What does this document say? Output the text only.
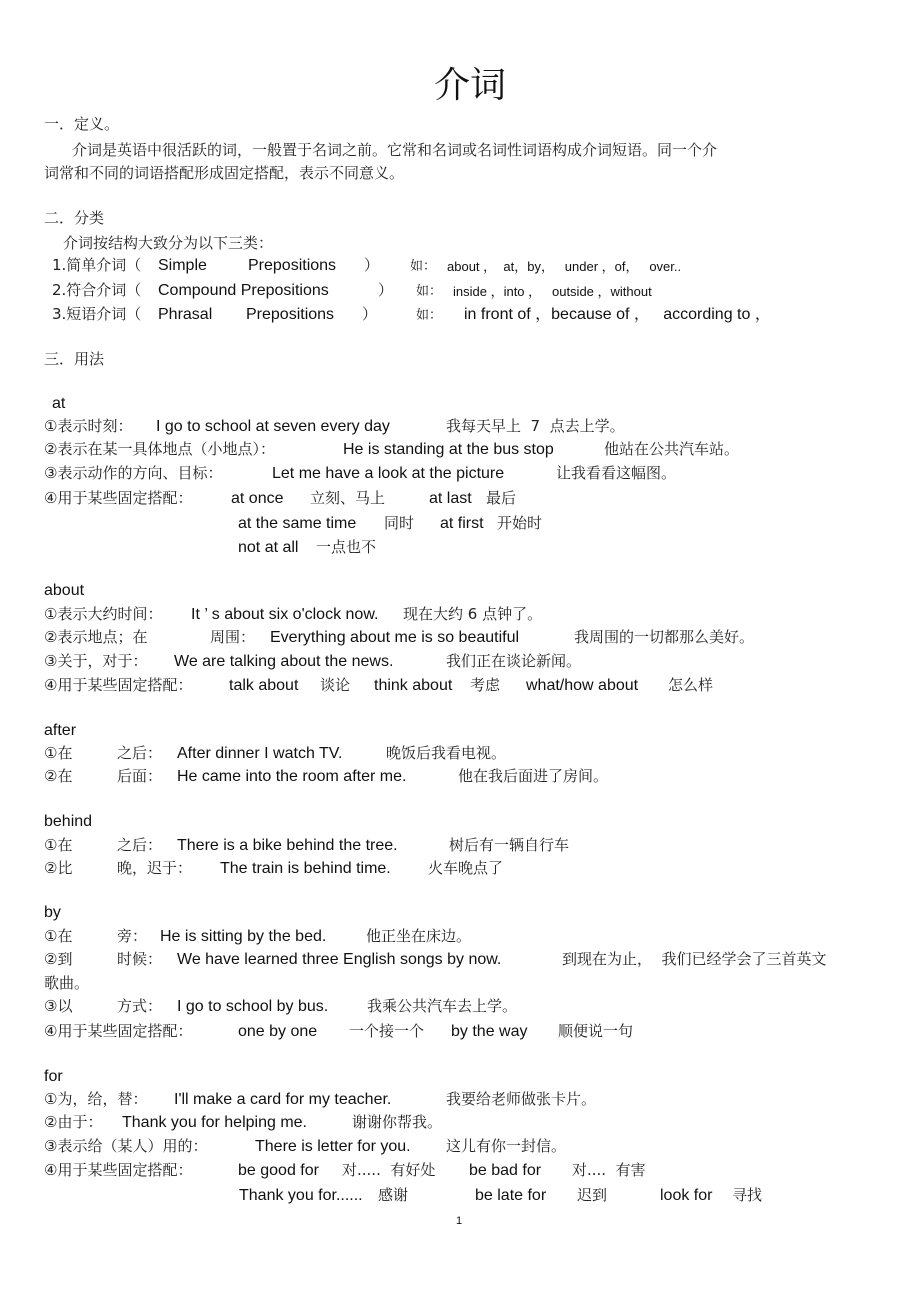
介词
一．定义。
介词是英语中很活跃的词，一般置于名词之前。它常和名词或名词性词语构成介词短语。同一个介
词常和不同的词语搭配形成固定搭配，表示不同意义。
二．分类
介词按结构大致分为以下三类：
1.简单介词（ Simple	Prepositions ） 如： about ，  at，by，   under ，of，   over..
2.符合介词（ Compound Prepositions	） 如： inside ，into ，   outside ，without
3.短语介词（ Phrasal Prepositions ）	如： in front of ，because of ，   according to ，
三．用法
at
①表示时刻： I go to school at seven every day	我每天早上  7  点去上学。
②表示在某一具体地点（小地点）：	He is standing at the bus stop	他站在公共汽车站。
③表示动作的方向、目标：	Let me have a look at the picture	让我看看这幅图。
④用于某些固定搭配： at once 立刻、马上	at last 最后
at the same time 同时 at first 开始时
not at all 一点也不
about
①表示大约时间： It ’ s about six o'clock now. 现在大约 6 点钟了。
②表示地点；在	周围： Everything about me is so beautiful	我周围的一切都那么美好。
③关于，对于： We are talking about the news.	我们正在谈论新闻。
④用于某些固定搭配： talk about 谈论 think about 考虑 what/how about 怎么样
after
①在	之后： After dinner I watch TV.	晚饭后我看电视。
②在	后面： He came into the room after me.	他在我后面进了房间。
behind
①在	之后： There is a bike behind the tree.	树后有一辆自行车
②比	晚，迟于： The train is behind time. 火车晚点了
by
①在	旁： He is sitting by the bed.	他正坐在床边。
②到	时候： We have learned three English songs by now.	到现在为止，  我们已经学会了三首英文
歌曲。
③以	方式： I go to school by bus.	我乘公共汽车去上学。
④用于某些固定搭配：	one by one 一个接一个 by the way 顺便说一句
for
①为，给，替： I'll make a card for my teacher.	我要给老师做张卡片。
②由于： Thank you for helping me.	谢谢你帮我。
③表示给（某人）用的：	There is letter for you. 这儿有你一封信。
④用于某些固定搭配：	be good for 对.....  有好处 be bad for 对....  有害
Thank you for...... 感谢	be late for 迟到	look for 寻找
1
